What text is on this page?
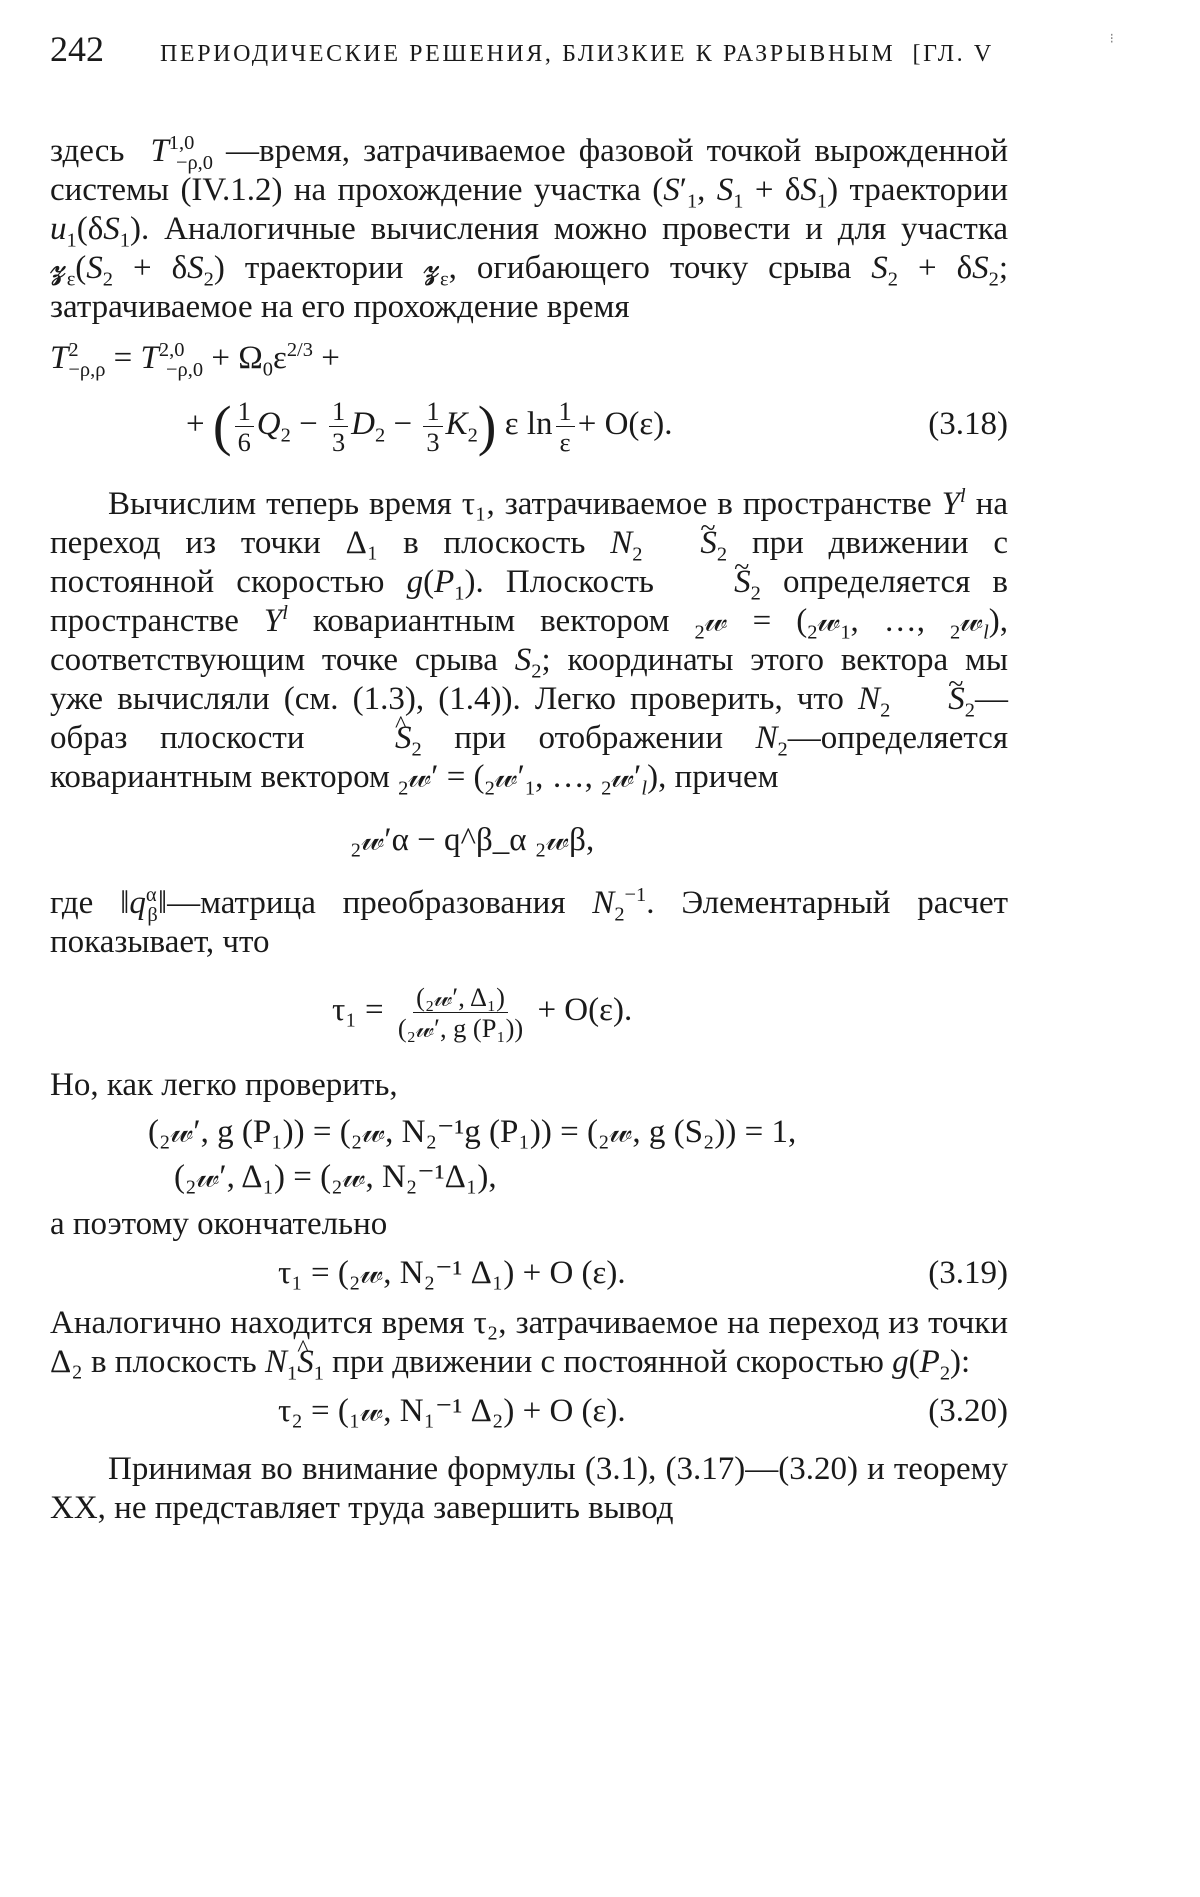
⁝
242	ПЕРИОДИЧЕСКИЕ РЕШЕНИЯ, БЛИЗКИЕ К РАЗРЫВНЫМ [ГЛ. V

здесь T$^{1,0}_{-\rho,0}$ —время, затрачиваемое фазовой точкой вырожденной системы (IV.1.2) на прохождение участка ($S'_1$, $S_1 + \delta S_1$) траектории $u_1(\delta S_1)$. Аналогичные вычисления можно провести и для участка $𝔃_\varepsilon(S_2 + \delta S_2)$ траектории 𝔃$_\varepsilon$, огибающего точку срыва $S_2 + \delta S_2$; затрачиваемое на его прохождение время

$T^2_{-\rho,\rho} = T^{2,0}_{-\rho,0} + \Omega_0\varepsilon^{2/3}$ +

+ ( $\frac{1}{6} Q_2 - \frac{1}{3} D_2 - \frac{1}{3} K_2$) ε $\ln \frac{1}{\varepsilon} + O(\varepsilon)$.	(3.18)

Вычислим теперь время τ₁, затрачиваемое в пространстве $Y^l$ на переход из точки Δ₁ в плоскость $N_2\sim$ $S_2$ при движении с постоянной скоростью $g(P_1)$. Плоскость ~ $S_2$ определяется в пространстве $Y^l$ ковариантным вектором $_2$𝓌 = ($_2𝓌_1$, …, $_2$𝓌$_l$), соответствующим точке срыва $S_2$; координаты этого вектора мы уже вычисляли (см. (1.3), (1.4)). Легко проверить, что $N_2\sim$ $S_2—образ$ плоскости ^	$S_2$ при отображении $N_2—определяется$ ковариантным вектором $_2$𝓌′ = ($_2𝓌'_1$, …, $_2𝓌'_l$), причем

₂𝓌′α − q^β_α ₂𝓌β,

где $‖q^\alpha_\beta‖—матрица$ преобразования $N_2^{-1}$. Элементарный расчет показывает, что

$\tau_1 = \frac{\text{(₂𝓌′, Δ₁)}}{\text{(₂𝓌′, g (P₁))}} + O(\varepsilon)$.

Но, как легко проверить,

(₂𝓌′, g (P₁)) = (₂𝓌, N₂⁻¹g (P₁)) = (₂𝓌, g (S₂)) = 1,

(₂𝓌′, Δ₁) = (₂𝓌, N₂⁻¹Δ₁),

а поэтому окончательно

τ₁ = (₂𝓌, N₂⁻¹ Δ₁) + O (ε).	(3.19)

Аналогично находится время τ₂, затрачиваемое на переход из точки Δ₂ в плоскость $N_1\^{}$ $S_1$ при движении с постоянной скоростью $g(P_2)$:

τ₂ = (₁𝓌, N₁⁻¹ Δ₂) + O (ε).	(3.20)

Принимая во внимание формулы (3.1), (3.17)—(3.20) и теорему XX, не представляет труда завершить вывод
